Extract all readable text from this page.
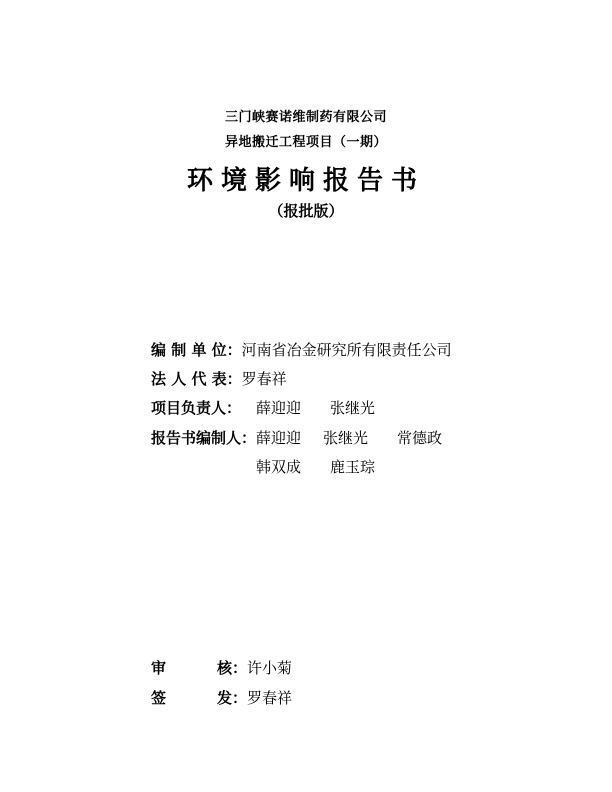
三门峡赛诺维制药有限公司
异地搬迁工程项目（一期）
环境影响报告书
（报批版）
编 制 单 位：河南省冶金研究所有限责任公司
法 人 代 表：罗春祥
项目负责人： 薛迎迎 张继光
报告书编制人： 薛迎迎 张继光 常德政
韩双成 鹿玉琮
审	核： 许小菊
签	发： 罗春祥
